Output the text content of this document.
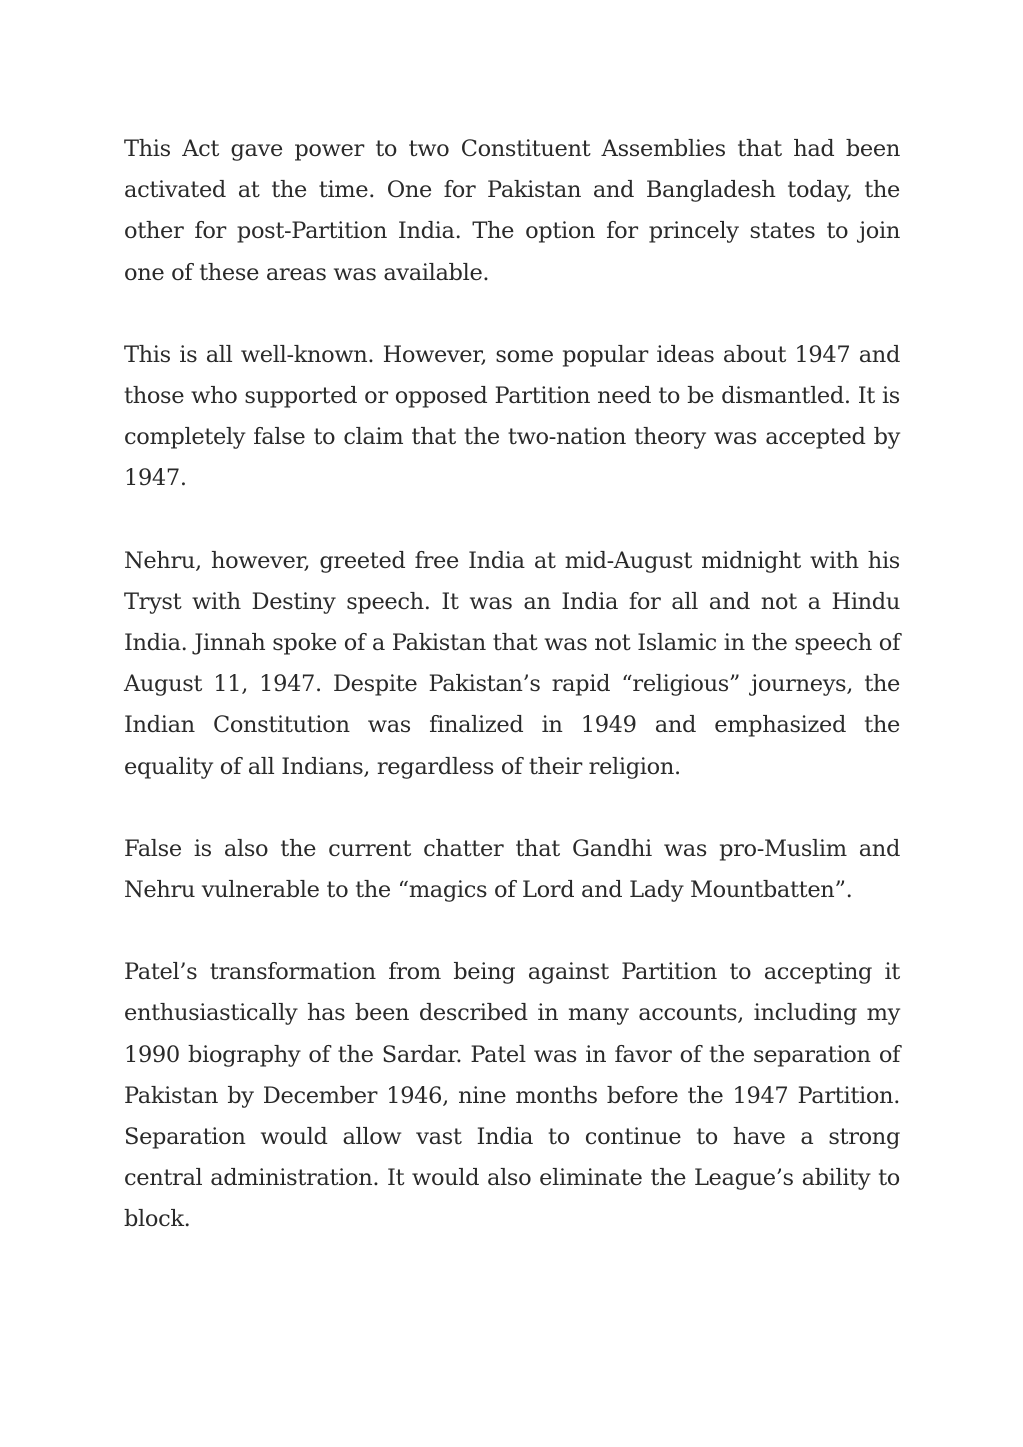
This Act gave power to two Constituent Assemblies that had been activated at the time. One for Pakistan and Bangladesh today, the other for post-Partition India. The option for princely states to join one of these areas was available.

This is all well-known. However, some popular ideas about 1947 and those who supported or opposed Partition need to be dismantled. It is completely false to claim that the two-nation theory was accepted by 1947.

Nehru, however, greeted free India at mid-August midnight with his Tryst with Destiny speech. It was an India for all and not a Hindu India. Jinnah spoke of a Pakistan that was not Islamic in the speech of August 11, 1947. Despite Pakistan’s rapid “religious” journeys, the Indian Constitution was finalized in 1949 and emphasized the equality of all Indians, regardless of their religion.

False is also the current chatter that Gandhi was pro-Muslim and Nehru vulnerable to the “magics of Lord and Lady Mountbatten”.

Patel’s transformation from being against Partition to accepting it enthusiastically has been described in many accounts, including my 1990 biography of the Sardar. Patel was in favor of the separation of Pakistan by December 1946, nine months before the 1947 Partition. Separation would allow vast India to continue to have a strong central administration. It would also eliminate the League’s ability to block.
